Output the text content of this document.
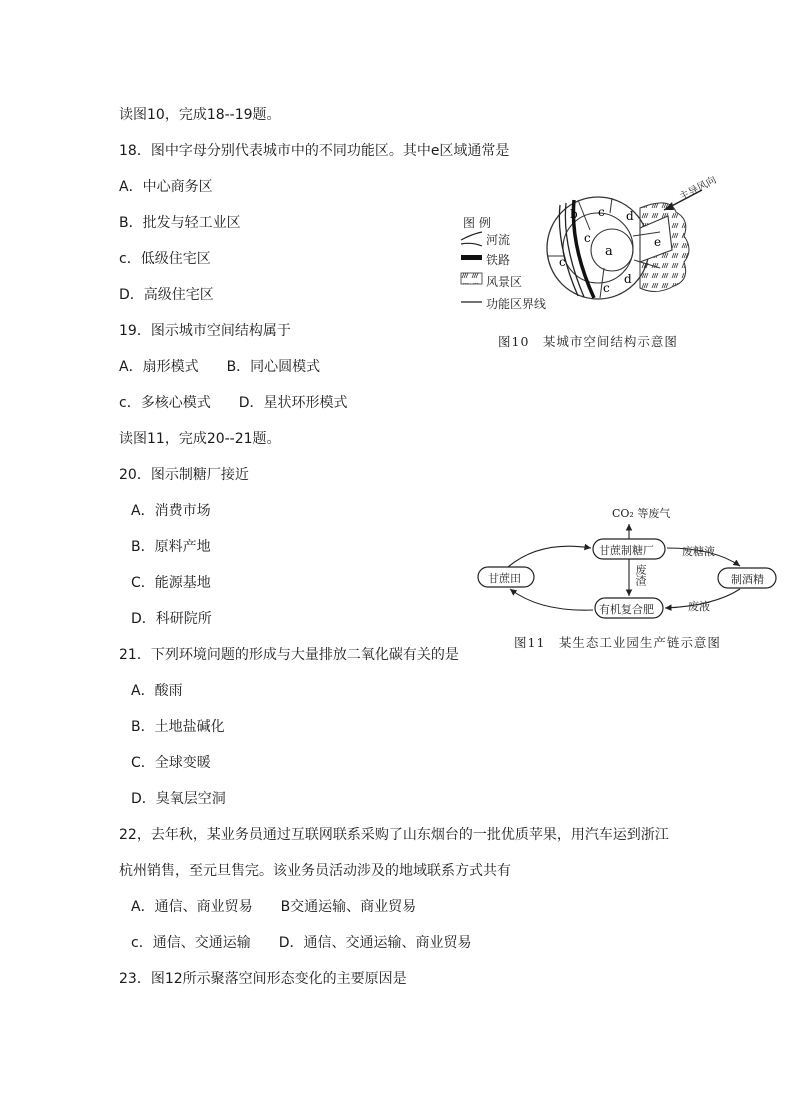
读图10，完成18--19题。
18．图中字母分别代表城市中的不同功能区。其中e区域通常是
A．中心商务区
B．批发与轻工业区
c．低级住宅区
D．高级住宅区
19．图示城市空间结构属于
A．扇形模式　　B．同心圆模式
c．多核心模式　　D．星状环形模式
读图11，完成20--21题。
20．图示制糖厂接近
A．消费市场
B．原料产地
C．能源基地
D．科研院所
21．下列环境问题的形成与大量排放二氧化碳有关的是
A．酸雨
B．土地盐碱化
C．全球变暖
D．臭氧层空洞
22，去年秋，某业务员通过互联网联系采购了山东烟台的一批优质苹果，用汽车运到浙江
杭州销售，至元旦售完。该业务员活动涉及的地域联系方式共有
A．通信、商业贸易　　B交通运输、商业贸易
c．通信、交通运输　　D．通信、交通运输、商业贸易
23．图12所示聚落空间形态变化的主要原因是
b c
a
c
c
c
d
d
e
图 例
河流
铁路
风景区
功能区界线
主导风向
图10　某城市空间结构示意图
CO₂ 等废气
甘蔗制糖厂
甘蔗田	制酒精
有机复合肥
废糖液
废渣
废液
图11　某生态工业园生产链示意图
